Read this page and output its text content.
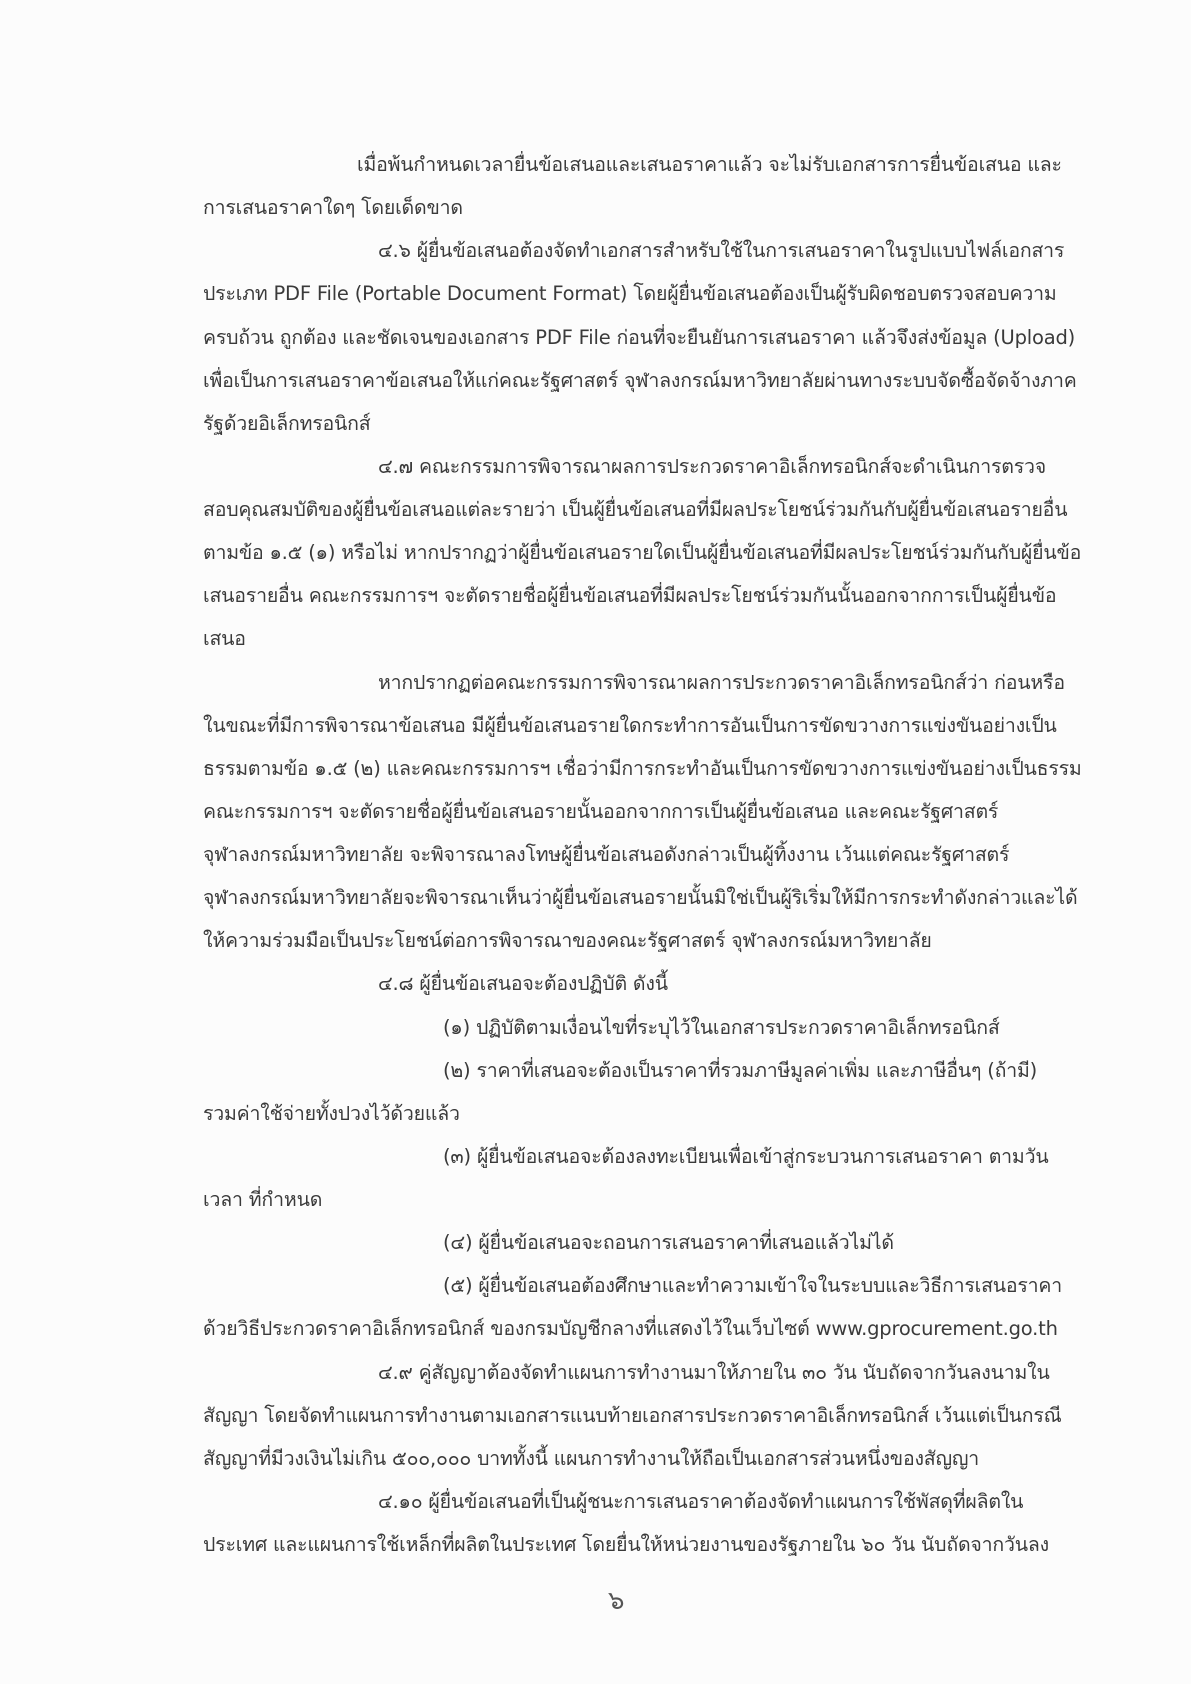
เมื่อพ้นกำหนดเวลายื่นข้อเสนอและเสนอราคาแล้ว จะไม่รับเอกสารการยื่นข้อเสนอ และ
การเสนอราคาใดๆ โดยเด็ดขาด
๔.๖ ผู้ยื่นข้อเสนอต้องจัดทำเอกสารสำหรับใช้ในการเสนอราคาในรูปแบบไฟล์เอกสาร
ประเภท PDF File (Portable Document Format) โดยผู้ยื่นข้อเสนอต้องเป็นผู้รับผิดชอบตรวจสอบความ
ครบถ้วน ถูกต้อง และชัดเจนของเอกสาร PDF File ก่อนที่จะยืนยันการเสนอราคา แล้วจึงส่งข้อมูล (Upload)
เพื่อเป็นการเสนอราคาข้อเสนอให้แก่คณะรัฐศาสตร์ จุฬาลงกรณ์มหาวิทยาลัยผ่านทางระบบจัดซื้อจัดจ้างภาค
รัฐด้วยอิเล็กทรอนิกส์
๔.๗ คณะกรรมการพิจารณาผลการประกวดราคาอิเล็กทรอนิกส์จะดำเนินการตรวจ
สอบคุณสมบัติของผู้ยื่นข้อเสนอแต่ละรายว่า เป็นผู้ยื่นข้อเสนอที่มีผลประโยชน์ร่วมกันกับผู้ยื่นข้อเสนอรายอื่น
ตามข้อ ๑.๕ (๑) หรือไม่ หากปรากฏว่าผู้ยื่นข้อเสนอรายใดเป็นผู้ยื่นข้อเสนอที่มีผลประโยชน์ร่วมกันกับผู้ยื่นข้อ
เสนอรายอื่น คณะกรรมการฯ จะตัดรายชื่อผู้ยื่นข้อเสนอที่มีผลประโยชน์ร่วมกันนั้นออกจากการเป็นผู้ยื่นข้อ
เสนอ
หากปรากฏต่อคณะกรรมการพิจารณาผลการประกวดราคาอิเล็กทรอนิกส์ว่า ก่อนหรือ
ในขณะที่มีการพิจารณาข้อเสนอ มีผู้ยื่นข้อเสนอรายใดกระทำการอันเป็นการขัดขวางการแข่งขันอย่างเป็น
ธรรมตามข้อ ๑.๕ (๒) และคณะกรรมการฯ เชื่อว่ามีการกระทำอันเป็นการขัดขวางการแข่งขันอย่างเป็นธรรม
คณะกรรมการฯ จะตัดรายชื่อผู้ยื่นข้อเสนอรายนั้นออกจากการเป็นผู้ยื่นข้อเสนอ และคณะรัฐศาสตร์
จุฬาลงกรณ์มหาวิทยาลัย จะพิจารณาลงโทษผู้ยื่นข้อเสนอดังกล่าวเป็นผู้ทิ้งงาน เว้นแต่คณะรัฐศาสตร์
จุฬาลงกรณ์มหาวิทยาลัยจะพิจารณาเห็นว่าผู้ยื่นข้อเสนอรายนั้นมิใช่เป็นผู้ริเริ่มให้มีการกระทำดังกล่าวและได้
ให้ความร่วมมือเป็นประโยชน์ต่อการพิจารณาของคณะรัฐศาสตร์ จุฬาลงกรณ์มหาวิทยาลัย
๔.๘ ผู้ยื่นข้อเสนอจะต้องปฏิบัติ ดังนี้
(๑) ปฏิบัติตามเงื่อนไขที่ระบุไว้ในเอกสารประกวดราคาอิเล็กทรอนิกส์
(๒) ราคาที่เสนอจะต้องเป็นราคาที่รวมภาษีมูลค่าเพิ่ม และภาษีอื่นๆ (ถ้ามี)
รวมค่าใช้จ่ายทั้งปวงไว้ด้วยแล้ว
(๓) ผู้ยื่นข้อเสนอจะต้องลงทะเบียนเพื่อเข้าสู่กระบวนการเสนอราคา ตามวัน
เวลา ที่กำหนด
(๔) ผู้ยื่นข้อเสนอจะถอนการเสนอราคาที่เสนอแล้วไม่ได้
(๕) ผู้ยื่นข้อเสนอต้องศึกษาและทำความเข้าใจในระบบและวิธีการเสนอราคา
ด้วยวิธีประกวดราคาอิเล็กทรอนิกส์ ของกรมบัญชีกลางที่แสดงไว้ในเว็บไซต์ www.gprocurement.go.th
๔.๙ คู่สัญญาต้องจัดทำแผนการทำงานมาให้ภายใน ๓๐ วัน นับถัดจากวันลงนามใน
สัญญา โดยจัดทำแผนการทำงานตามเอกสารแนบท้ายเอกสารประกวดราคาอิเล็กทรอนิกส์ เว้นแต่เป็นกรณี
สัญญาที่มีวงเงินไม่เกิน ๕๐๐,๐๐๐ บาททั้งนี้ แผนการทำงานให้ถือเป็นเอกสารส่วนหนึ่งของสัญญา
๔.๑๐ ผู้ยื่นข้อเสนอที่เป็นผู้ชนะการเสนอราคาต้องจัดทำแผนการใช้พัสดุที่ผลิตใน
ประเทศ และแผนการใช้เหล็กที่ผลิตในประเทศ โดยยื่นให้หน่วยงานของรัฐภายใน ๖๐ วัน นับถัดจากวันลง
๖
